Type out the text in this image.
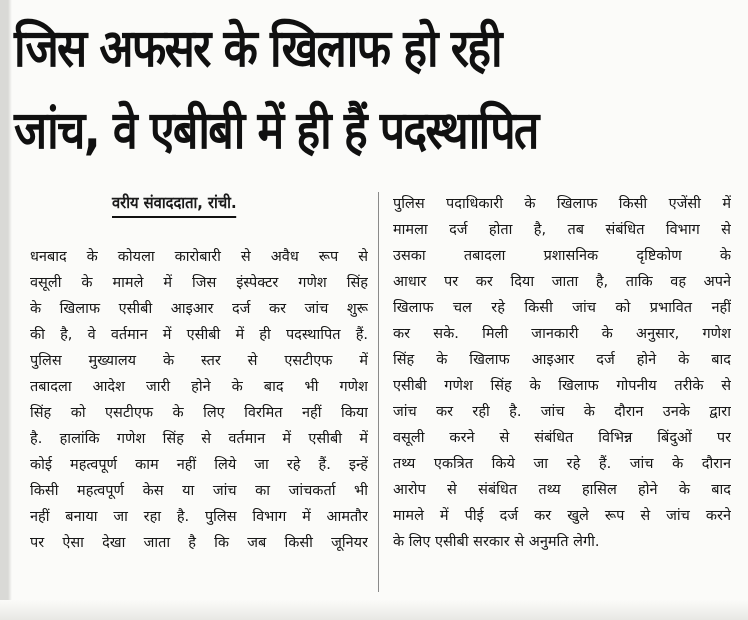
जिस अफसर के खिलाफ हो रही
जांच, वे एबीबी में ही हैं पदस्थापित
वरीय संवाददाता, रांची.
धनबाद के कोयला कारोबारी से अवैध रूप से
वसूली के मामले में जिस इंस्पेक्टर गणेश सिंह
के खिलाफ एसीबी आइआर दर्ज कर जांच शुरू
की है, वे वर्तमान में एसीबी में ही पदस्थापित हैं.
पुलिस मुख्यालय के स्तर से एसटीएफ में
तबादला आदेश जारी होने के बाद भी गणेश
सिंह को एसटीएफ के लिए विरमित नहीं किया
है. हालांकि गणेश सिंह से वर्तमान में एसीबी में
कोई महत्वपूर्ण काम नहीं लिये जा रहे हैं. इन्हें
किसी महत्वपूर्ण केस या जांच का जांचकर्ता भी
नहीं बनाया जा रहा है. पुलिस विभाग में आमतौर
पर ऐसा देखा जाता है कि जब किसी जूनियर
पुलिस पदाधिकारी के खिलाफ किसी एजेंसी में
मामला दर्ज होता है, तब संबंधित विभाग से
उसका तबादला प्रशासनिक दृष्टिकोण के
आधार पर कर दिया जाता है, ताकि वह अपने
खिलाफ चल रहे किसी जांच को प्रभावित नहीं
कर सके. मिली जानकारी के अनुसार, गणेश
सिंह के खिलाफ आइआर दर्ज होने के बाद
एसीबी गणेश सिंह के खिलाफ गोपनीय तरीके से
जांच कर रही है. जांच के दौरान उनके द्वारा
वसूली करने से संबंधित विभिन्न बिंदुओं पर
तथ्य एकत्रित किये जा रहे हैं. जांच के दौरान
आरोप से संबंधित तथ्य हासिल होने के बाद
मामले में पीई दर्ज कर खुले रूप से जांच करने
के लिए एसीबी सरकार से अनुमति लेगी.
